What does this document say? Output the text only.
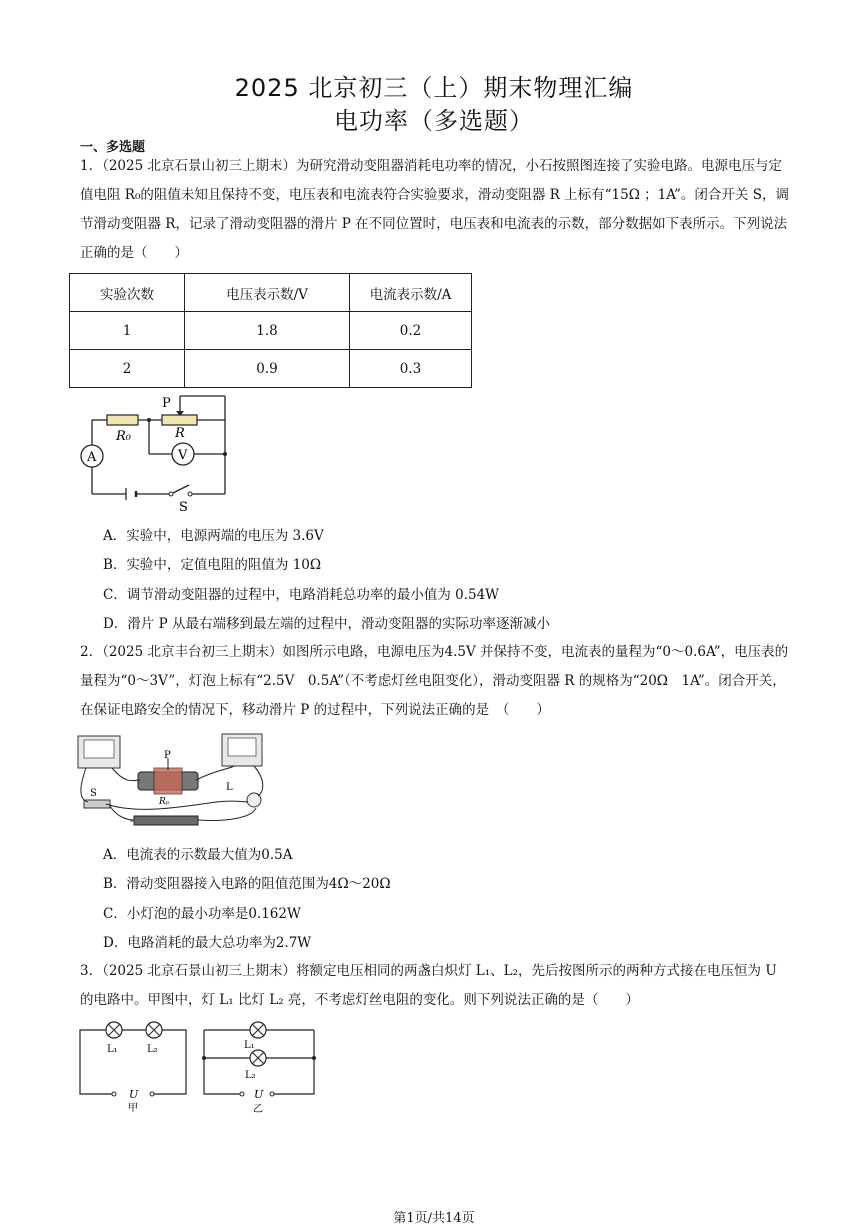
2025 北京初三（上）期末物理汇编
电功率（多选题）
一、多选题

1．（2025 北京石景山初三上期末）为研究滑动变阻器消耗电功率的情况，小石按照图连接了实验电路。电源电压与定值电阻 R₀的阻值未知且保持不变，电压表和电流表符合实验要求，滑动变阻器 R 上标有“15Ω ；1A”。闭合开关 S，调节滑动变阻器 R，记录了滑动变阻器的滑片 P 在不同位置时，电压表和电流表的示数，部分数据如下表所示。下列说法正确的是（　　）

实验次数	电压表示数/V	电流表示数/A
1	1.8	0.2
2	0.9	0.3
P
R₀	R
A	V
S
A．实验中，电源两端的电压为 3.6V
B．实验中，定值电阻的阻值为 10Ω
C．调节滑动变阻器的过程中，电路消耗总功率的最小值为 0.54W
D．滑片 P 从最右端移到最左端的过程中，滑动变阻器的实际功率逐渐减小

2．（2025 北京丰台初三上期末）如图所示电路，电源电压为4.5V 并保持不变，电流表的量程为“0～0.6A”，电压表的量程为“0～3V”，灯泡上标有“2.5V　0.5A”（不考虑灯丝电阻变化），滑动变阻器 R 的规格为“20Ω　1A”。闭合开关，在保证电路安全的情况下，移动滑片 P 的过程中，下列说法正确的是　（　　）

P
L
S
Rₚ
-
A．电流表的示数最大值为0.5A
B．滑动变阻器接入电路的阻值范围为4Ω～20Ω
C．小灯泡的最小功率是0.162W
D．电路消耗的最大总功率为2.7W

3．（2025 北京石景山初三上期末）将额定电压相同的两盏白炽灯 L₁、L₂，先后按图所示的两种方式接在电压恒为 U 的电路中。甲图中，灯 L₁ 比灯 L₂ 亮，不考虑灯丝电阻的变化。则下列说法正确的是（　　）

L₁	L₂
U
甲
L₁
L₂
U
乙
第1页/共14页
